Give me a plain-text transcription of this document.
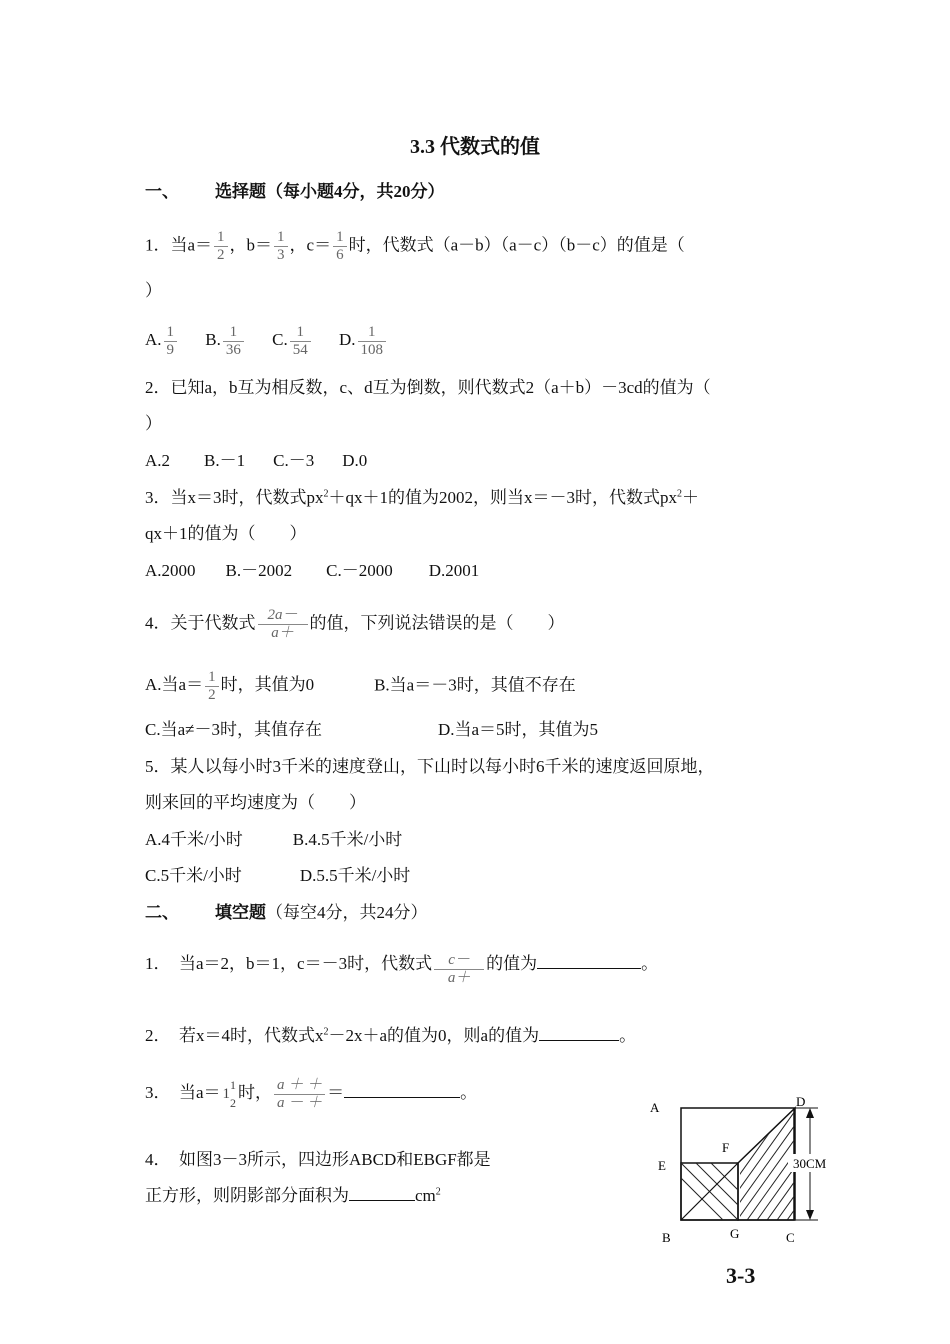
3.3 代数式的值
一、 选择题（每小题4分，共20分）
1．当$a= \frac{1}{2}$ ，$b= \frac{1}{3}$ ，$c= \frac{1}{6}$ 时，代数式（a－b）（a－c）（b－c）的值是（
）
A. $\frac{1}{9} B$. $\frac{1}{36} C$. $\frac{1}{54} D$. $\frac{1}{108}$
2．已知a，b互为相反数，c、d互为倒数，则代数式2（a＋b）－3cd的值为（
）
A.2 B.－1 C.－3 D.0
3．当x＝3时，代数式$px^2+qx+1$的值为2002，则当x＝－3时，代数式$px^2+$
qx＋1的值为（　　）
A.2000 B.－2002 C.－2000 D.2001
4．关于代数式 $\frac{2a-}{a+}$ 的值，下列说法错误的是（　　）
A.当$a= \frac{1}{2}$ 时，其值为0	B.当a＝－3时，其值不存在
C.当a≠－3时，其值存在	D.当a＝5时，其值为5
5．某人以每小时3千米的速度登山，下山时以每小时6千米的速度返回原地，
则来回的平均速度为（　　）
A.4千米/小时	B.4.5千米/小时
C.5千米/小时	D.5.5千米/小时
二、 填空题（每空4分，共24分）
1．　当a＝2，b＝1，c＝－3时，代数式 $\frac{c-}{a+}$ 的值为	。
2．　若x＝4时，代数式$x^2-2x+a$的值为0，则a的值为	。
3．　当a＝ 1
1
2
时， $\frac{a + +}{a - +}$ ＝	。
4．　如图3－3所示，四边形ABCD和EBGF都是
正方形，则阴影部分面积为	$cm^2$
30CM
A	D
E
F
B	G	C
3-3
